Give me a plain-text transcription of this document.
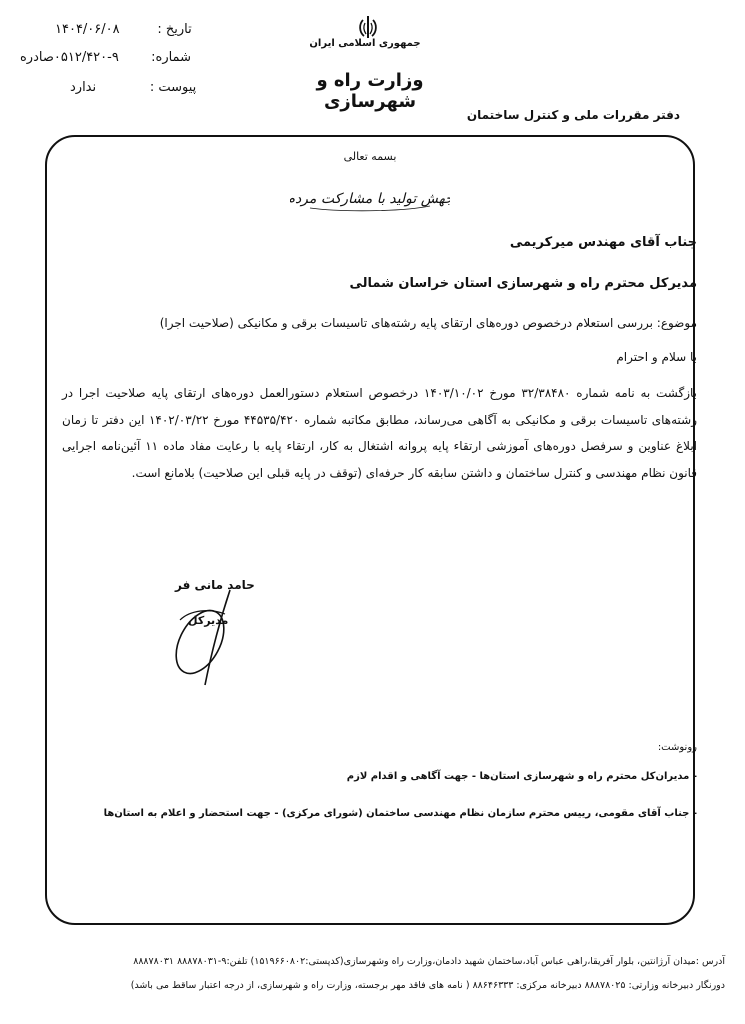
تاریخ : ۱۴۰۴/۰۶/۰۸
شماره: ۰۵۱۲/۴۲۰-۹صادره
پیوست : ندارد
جمهوری اسلامی ایران
وزارت راه و شهرسازی
دفتر مقررات ملی و کنترل ساختمان
بسمه تعالی
جهش تولید با مشارکت مردم
جناب آقای مهندس میرکریمی
مدیرکل محترم راه و شهرسازی استان خراسان شمالی
موضوع: بررسی استعلام درخصوص دوره‌های ارتقای پایه رشته‌های تاسیسات برقی و مکانیکی (صلاحیت اجرا)
با سلام و احترام
بازگشت به نامه شماره ۳۲/۳۸۴۸۰ مورخ ۱۴۰۳/۱۰/۰۲ درخصوص استعلام دستورالعمل دوره‌های ارتقای پایه صلاحیت اجرا در رشته‌های تاسیسات برقی و مکانیکی به آگاهی می‌رساند، مطابق مکاتبه شماره ۴۴۵۳۵/۴۲۰ مورخ ۱۴۰۲/۰۳/۲۲ این دفتر تا زمان ابلاغ عناوین و سرفصل دوره‌های آموزشی ارتقاء پایه پروانه اشتغال به کار، ارتقاء پایه با رعایت مفاد ماده ۱۱ آئین‌نامه اجرایی قانون نظام مهندسی و کنترل ساختمان و داشتن سابقه کار حرفه‌ای (توقف در پایه قبلی این صلاحیت) بلامانع است.
حامد مانی فر
مدیرکل
رونوشت:
- مدیران‌کل محترم راه و شهرسازی استان‌ها - جهت آگاهی و اقدام لازم
- جناب آقای مقومی، رییس محترم سازمان نظام مهندسی ساختمان (شورای مرکزی) - جهت استحضار و اعلام به استان‌ها
آدرس :میدان آرژانتین، بلوار آفریقا،راهی عباس آباد،ساختمان شهید دادمان،وزارت راه وشهرسازی(کدپستی:۱۵۱۹۶۶۰۸۰۲) تلفن:۹-۸۸۸۷۸۰۳۱ ۸۸۸۷۸۰۳۱
دورنگار دبیرخانه وزارتی: ۸۸۸۷۸۰۲۵ دبیرخانه مرکزی: ۸۸۶۴۶۳۳۳ ( نامه های فاقد مهر برجسته، وزارت راه و شهرسازی، از درجه اعتبار ساقط می باشد)
